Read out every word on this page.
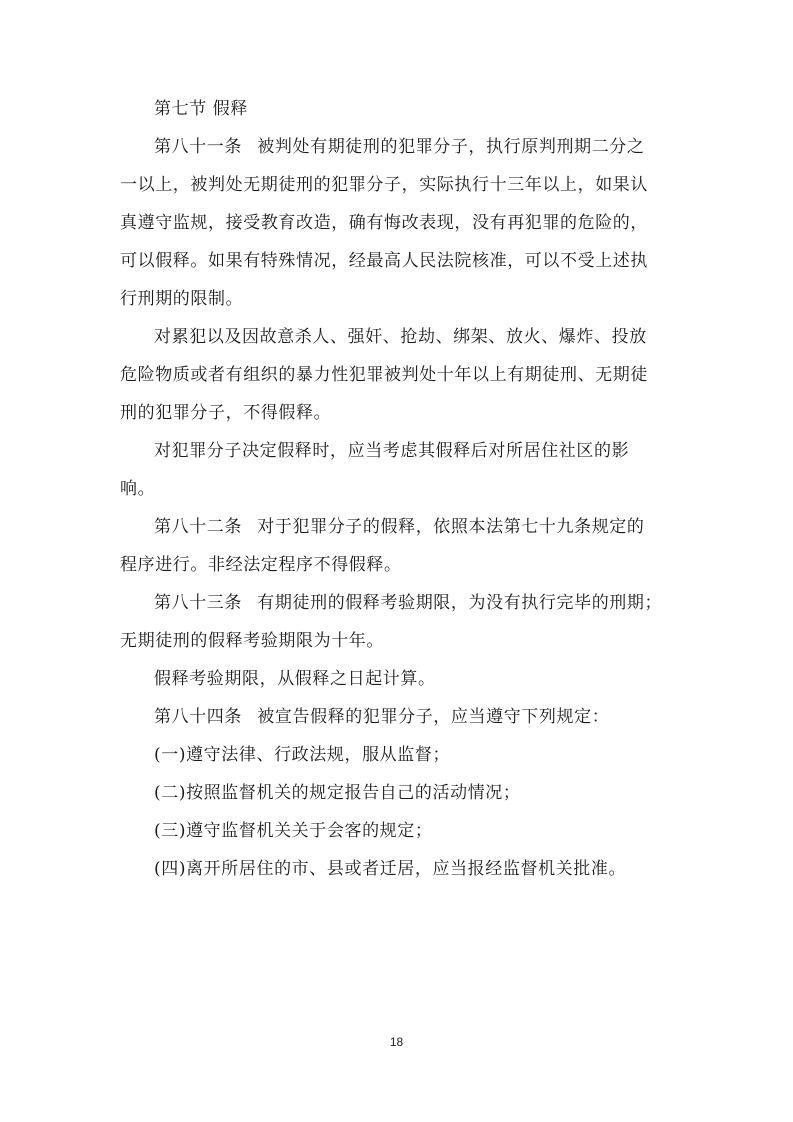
第七节 假释
第八十一条 被判处有期徒刑的犯罪分子，执行原判刑期二分之
一以上，被判处无期徒刑的犯罪分子，实际执行十三年以上，如果认
真遵守监规，接受教育改造，确有悔改表现，没有再犯罪的危险的，
可以假释。如果有特殊情况，经最高人民法院核准，可以不受上述执
行刑期的限制。
对累犯以及因故意杀人、强奸、抢劫、绑架、放火、爆炸、投放
危险物质或者有组织的暴力性犯罪被判处十年以上有期徒刑、无期徒
刑的犯罪分子，不得假释。
对犯罪分子决定假释时，应当考虑其假释后对所居住社区的影
响。
第八十二条 对于犯罪分子的假释，依照本法第七十九条规定的
程序进行。非经法定程序不得假释。
第八十三条 有期徒刑的假释考验期限，为没有执行完毕的刑期；
无期徒刑的假释考验期限为十年。
假释考验期限，从假释之日起计算。
第八十四条 被宣告假释的犯罪分子，应当遵守下列规定：
(一)遵守法律、行政法规，服从监督；
(二)按照监督机关的规定报告自己的活动情况；
(三)遵守监督机关关于会客的规定；
(四)离开所居住的市、县或者迁居，应当报经监督机关批准。
18
